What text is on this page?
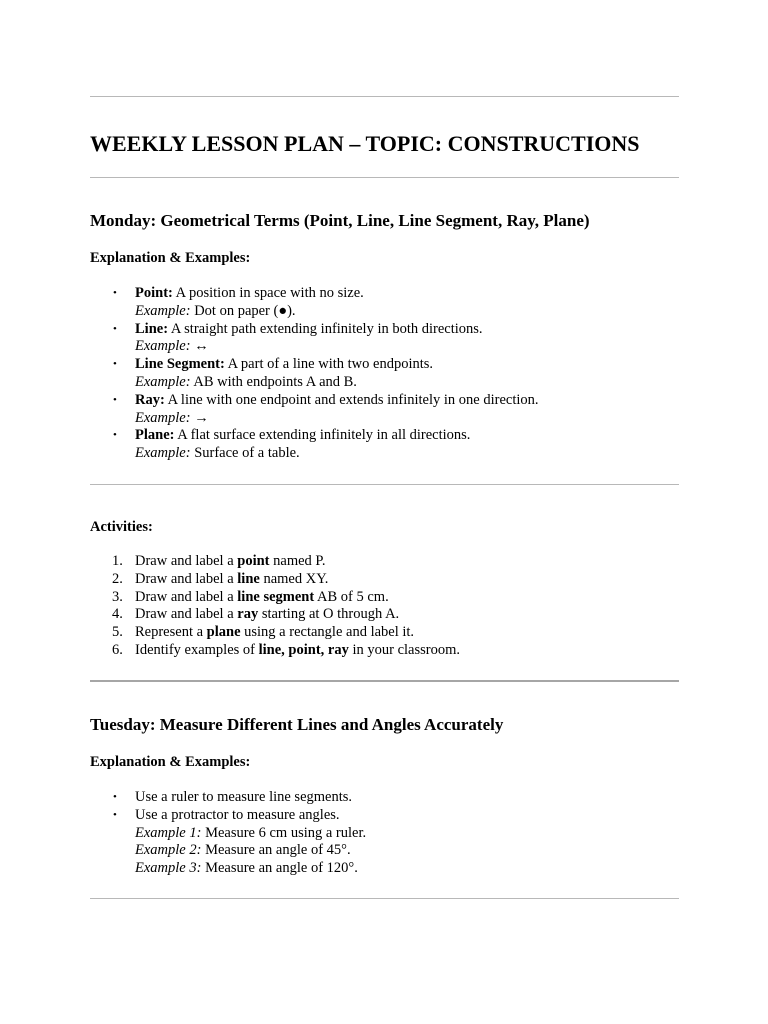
WEEKLY LESSON PLAN – TOPIC: CONSTRUCTIONS
Monday: Geometrical Terms (Point, Line, Line Segment, Ray, Plane)

Explanation & Examples:

• Point: A position in space with no size.
Example: Dot on paper (●).
• Line: A straight path extending infinitely in both directions.
Example: ↔
• Line Segment: A part of a line with two endpoints.
Example: AB with endpoints A and B.
• Ray: A line with one endpoint and extends infinitely in one direction.
Example: →
• Plane: A flat surface extending infinitely in all directions.
Example: Surface of a table.

Activities:

1. Draw and label a point named P.
2. Draw and label a line named XY.
3. Draw and label a line segment AB of 5 cm.
4. Draw and label a ray starting at O through A.
5. Represent a plane using a rectangle and label it.
6. Identify examples of line, point, ray in your classroom.
Tuesday: Measure Different Lines and Angles Accurately

Explanation & Examples:

• Use a ruler to measure line segments.
• Use a protractor to measure angles.
Example 1: Measure 6 cm using a ruler.
Example 2: Measure an angle of 45°.
Example 3: Measure an angle of 120°.
